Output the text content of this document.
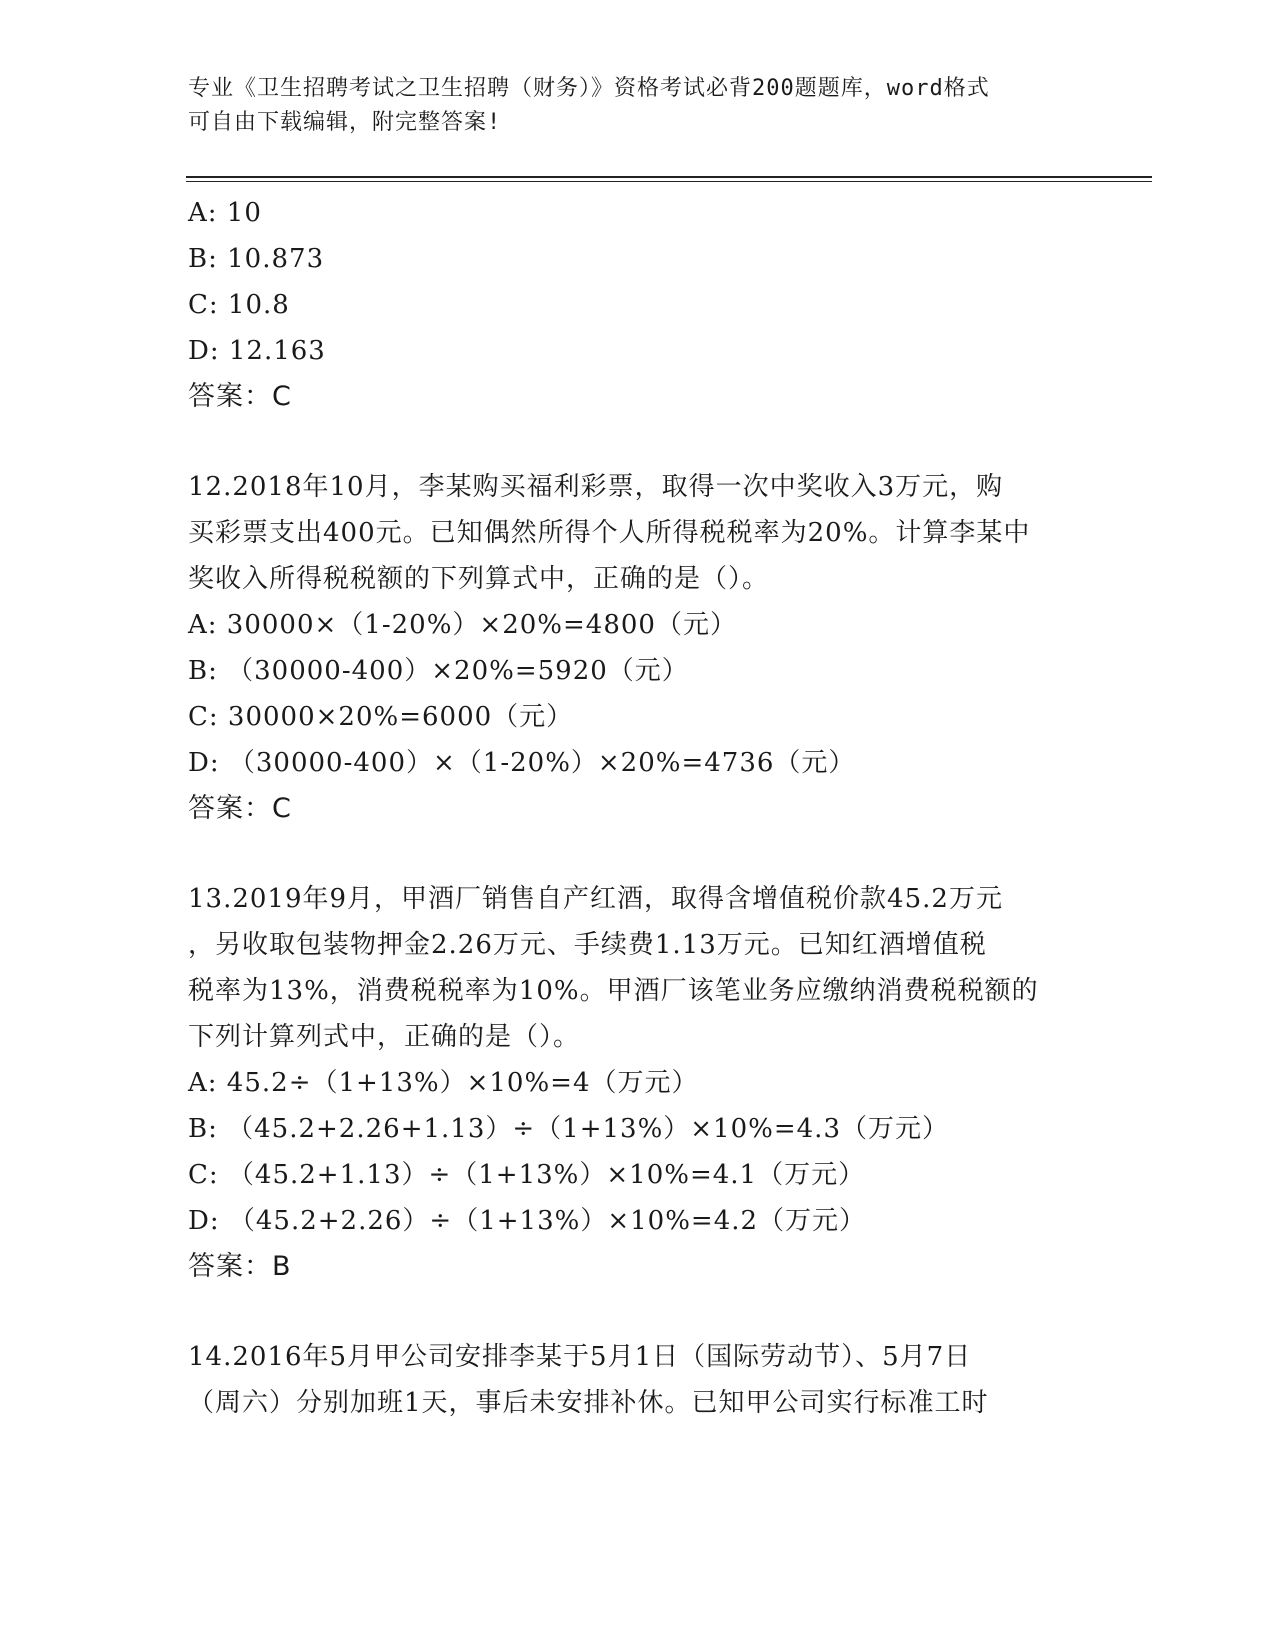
专业《卫生招聘考试之卫生招聘（财务）》资格考试必背200题题库，word格式
可自由下载编辑，附完整答案!
A: 10
B: 10.873
C: 10.8
D: 12.163
答案：C
12.2018年10月，李某购买福利彩票，取得一次中奖收入3万元，购
买彩票支出400元。已知偶然所得个人所得税税率为20%。计算李某中
奖收入所得税税额的下列算式中，正确的是（）。
A: 30000×（1-20%）×20%=4800（元）
B: （30000-400）×20%=5920（元）
C: 30000×20%=6000（元）
D: （30000-400）×（1-20%）×20%=4736（元）
答案：C
13.2019年9月，甲酒厂销售自产红酒，取得含增值税价款45.2万元
，另收取包装物押金2.26万元、手续费1.13万元。已知红酒增值税
税率为13%，消费税税率为10%。甲酒厂该笔业务应缴纳消费税税额的
下列计算列式中，正确的是（）。
A: 45.2÷（1+13%）×10%=4（万元）
B: （45.2+2.26+1.13）÷（1+13%）×10%=4.3（万元）
C: （45.2+1.13）÷（1+13%）×10%=4.1（万元）
D: （45.2+2.26）÷（1+13%）×10%=4.2（万元）
答案：B
14.2016年5月甲公司安排李某于5月1日（国际劳动节）、5月7日
（周六）分别加班1天，事后未安排补休。已知甲公司实行标准工时
